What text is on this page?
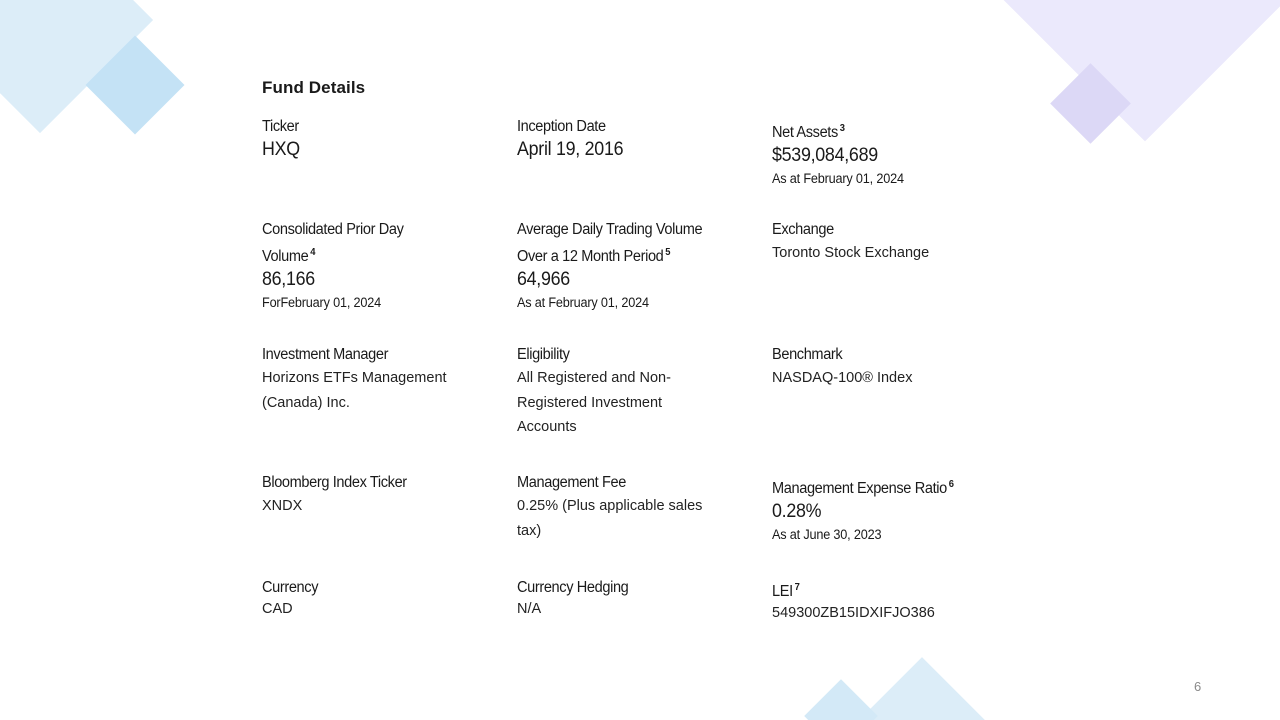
Fund Details
Ticker
HXQ
Inception Date
April 19, 2016
Net Assets $^3$
$539,084,689
As at February 01, 2024
Consolidated Prior Day
Volume $^4$
86,166
ForFebruary 01, 2024
Average Daily Trading Volume
Over a 12 Month Period $^5$
64,966
As at February 01, 2024
Exchange
Toronto Stock Exchange
Investment Manager
Horizons ETFs Management (Canada) Inc.
Eligibility
All Registered and Non-Registered Investment Accounts
Benchmark
NASDAQ-100® Index
Bloomberg Index Ticker
XNDX
Management Fee
0.25% (Plus applicable sales tax)
Management Expense Ratio $^6$
0.28%
As at June 30, 2023
Currency
CAD
Currency Hedging
N/A
LEI $^7$
549300ZB15IDXIFJO386
6
